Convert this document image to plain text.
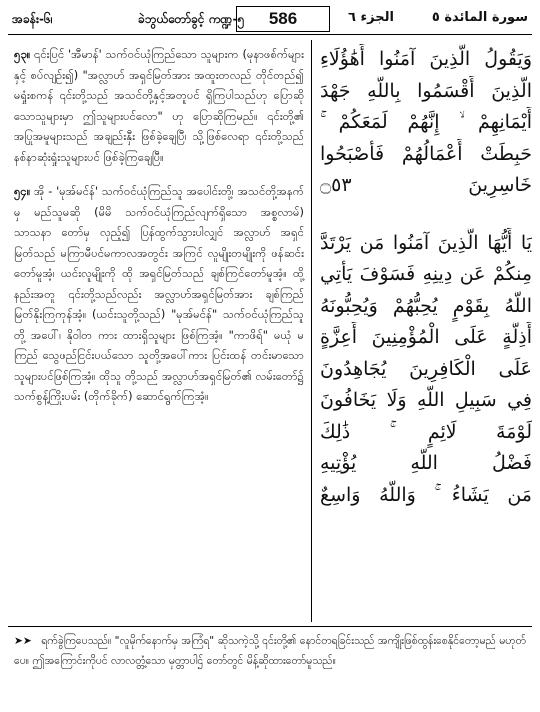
အခန်း-၆၊	ခဲဘွယ်တော်ခွင့် ကဏ္ဍ-၅	586	الجزء ٦	سورة المائدة ٥

၅၃။ ၎င်းပြင် 'အီမာန်' သက်ဝင်ယုံကြည်သော သူများက (မုနာဖစ်က်များနှင့် စပ်လျဉ်း၍) "အလ္လာဟ် အရှင်မြတ်အား အထူးတလည် တိုင်တည်၍ မရှုံးစကန် ၎င်းတို့သည် အသင်တို့နှင့်အတူပင် ရှိကြပါသည်ဟု ပြောဆိုသောသူများမှာ ဤသူများပင်လော" ဟု ပြောဆိုကြမည်။ ၎င်းတို့၏ အပြုအမူများသည် အချည်းနှီး ဖြစ်ခဲ့ချေပြီ၊ သို့ဖြစ်လေရာ ၎င်းတို့သည် နစ်နာဆုံးရှုံးသူများပင် ဖြစ်ခဲ့ကြချေပြီ။

၅၄။ အို - 'မုအ်မင်န်' သက်ဝင်ယုံကြည်သူ အပေါင်းတို့၊ အသင်တို့အနက်မှ မည်သူမဆို (မိမိ သက်ဝင်ယုံကြည်လျက်ရှိသော အစ္စလာမ်) သာသနာ တော်မှ လှည့်၍ ပြန်ထွက်သွားပါလျှင် အလ္လာဟ် အရှင်မြတ်သည် မကြာမီပင်မကာလအတွင်း အကြင် လူမျိုးတမျိုးကို ဖန်ဆင်းတော်မူအံ့၊ ယင်းလူမျိုးကို ထို အရှင်မြတ်သည် ချစ်ကြင်တော်မူအံ့။ ထို့နည်းအတူ ၎င်းတို့သည်လည်း အလ္လာဟ်အရှင်မြတ်အား ချစ်ကြည် မြတ်နိုးကြကုန်အံ့။ (ယင်းသူတို့သည်) "မုအ်မင်န်" သက်ဝင်ယုံကြည်သူတို့ အပေါ်၊ နိုဝါတ ကား ထားရှိသူများ ဖြစ်ကြအံ့။ "ကာဖိရ်" မယုံ မကြည် သွေဖည်ငြင်းပယ်သော သူတို့အပေါ်ကား ပြင်းထန် တင်းမာသော သူများပင်ဖြစ်ကြအံ့။ ထိုသူ တို့သည် အလ္လာဟ်အရှင်မြတ်၏ လမ်းတော်၌ သက်စွန့်ကြိုးပမ်း (တိုက်ခိုက်) ဆောင်ရွက်ကြအံ့။

وَيَقُولُ الَّذِينَ آمَنُوا أَهَٰؤُلَاءِ
الَّذِينَ أَقْسَمُوا بِاللَّهِ جَهْدَ
أَيْمَانِهِمْ ۙ إِنَّهُمْ لَمَعَكُمْ ۚ
حَبِطَتْ أَعْمَالُهُمْ فَأَصْبَحُوا
خَاسِرِينَ ۝٥٣
يَا أَيُّهَا الَّذِينَ آمَنُوا مَن يَرْتَدَّ
مِنكُمْ عَن دِينِهِ فَسَوْفَ يَأْتِي
اللَّهُ بِقَوْمٍ يُحِبُّهُمْ وَيُحِبُّونَهُ
أَذِلَّةٍ عَلَى الْمُؤْمِنِينَ أَعِزَّةٍ
عَلَى الْكَافِرِينَ يُجَاهِدُونَ
فِي سَبِيلِ اللَّهِ وَلَا يَخَافُونَ
لَوْمَةَ لَائِمٍ ۚ ذَٰلِكَ
فَضْلُ اللَّهِ يُؤْتِيهِ
مَن يَشَاءُ ۚ وَاللَّهُ وَاسِعٌ
➤➤ ရက်ခွဲကြပေသည်။ "လူမိုက်နောက်မှ အကြံရ" ဆိုသကဲ့သို့ ၎င်းတို့၏ နောင်တရခြင်းသည် အကျိုးဖြစ်ထွန်းစေနိုင်တော့မည် မဟုတ်ပေ။ ဤအကြောင်းကိုပင် လာလတ္တံ့သော မှတ္တာပါဌ် တော်တွင် မိန့်ဆိုထားတော်မူသည်။
